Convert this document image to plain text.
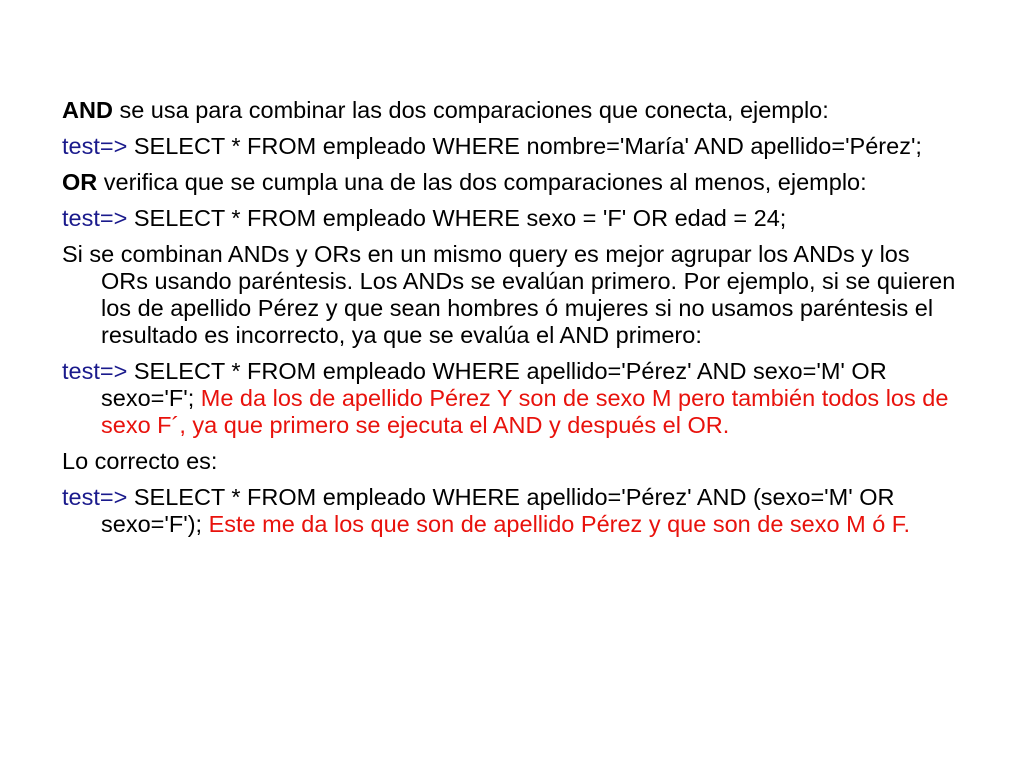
AND se usa para combinar las dos comparaciones que conecta, ejemplo:

test=> SELECT * FROM empleado WHERE nombre='María' AND apellido='Pérez';

OR verifica que se cumpla una de las dos comparaciones al menos, ejemplo:

test=> SELECT * FROM empleado WHERE sexo = 'F' OR edad = 24;

Si se combinan ANDs y ORs en un mismo query es mejor agrupar los ANDs y los ORs usando paréntesis. Los ANDs se evalúan primero. Por ejemplo, si se quieren los de apellido Pérez y que sean hombres ó mujeres si no usamos paréntesis el resultado es incorrecto, ya que se evalúa el AND primero:

test=> SELECT * FROM empleado WHERE apellido='Pérez' AND sexo='M' OR sexo='F'; Me da los de apellido Pérez Y son de sexo M pero también todos los de sexo F´, ya que primero se ejecuta el AND y después el OR.

Lo correcto es:

test=> SELECT * FROM empleado WHERE apellido='Pérez' AND (sexo='M' OR sexo='F'); Este me da los que son de apellido Pérez y que son de sexo M ó F.
